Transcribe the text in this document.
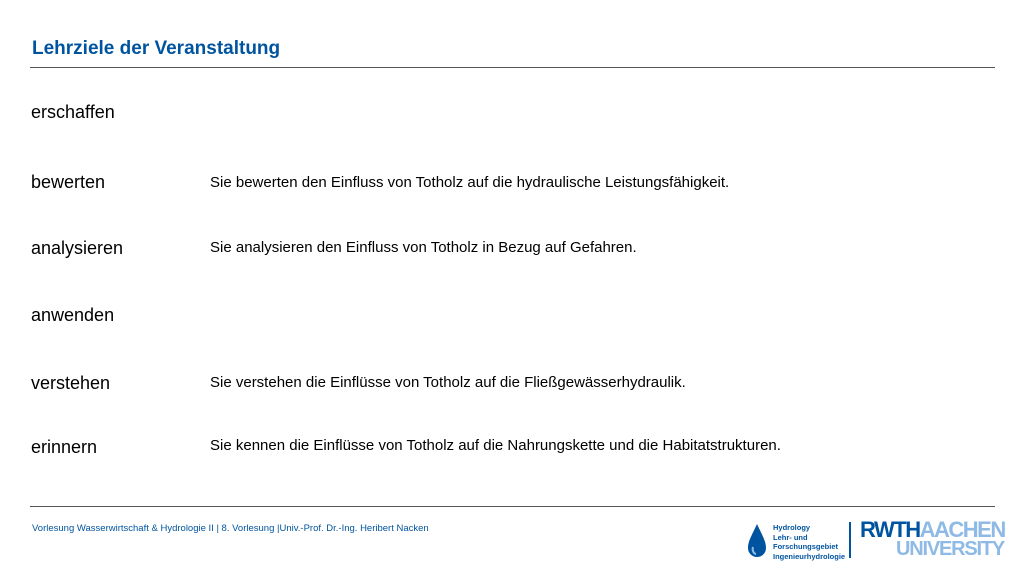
Lehrziele der Veranstaltung
erschaffen
bewerten	Sie bewerten den Einfluss von Totholz auf die hydraulische Leistungsfähigkeit.
analysieren	Sie analysieren den Einfluss von Totholz in Bezug auf Gefahren.
anwenden
verstehen	Sie verstehen die Einflüsse von Totholz auf die Fließgewässerhydraulik.
erinnern	Sie kennen die Einflüsse von Totholz auf die Nahrungskette und die Habitatstrukturen.
Vorlesung Wasserwirtschaft & Hydrologie II | 8. Vorlesung |Univ.-Prof. Dr.-Ing. Heribert Nacken	Hydrology
Lehr- und
Forschungsgebiet
Ingenieurhydrologie
RWTHAACHEN
UNIVERSITY
